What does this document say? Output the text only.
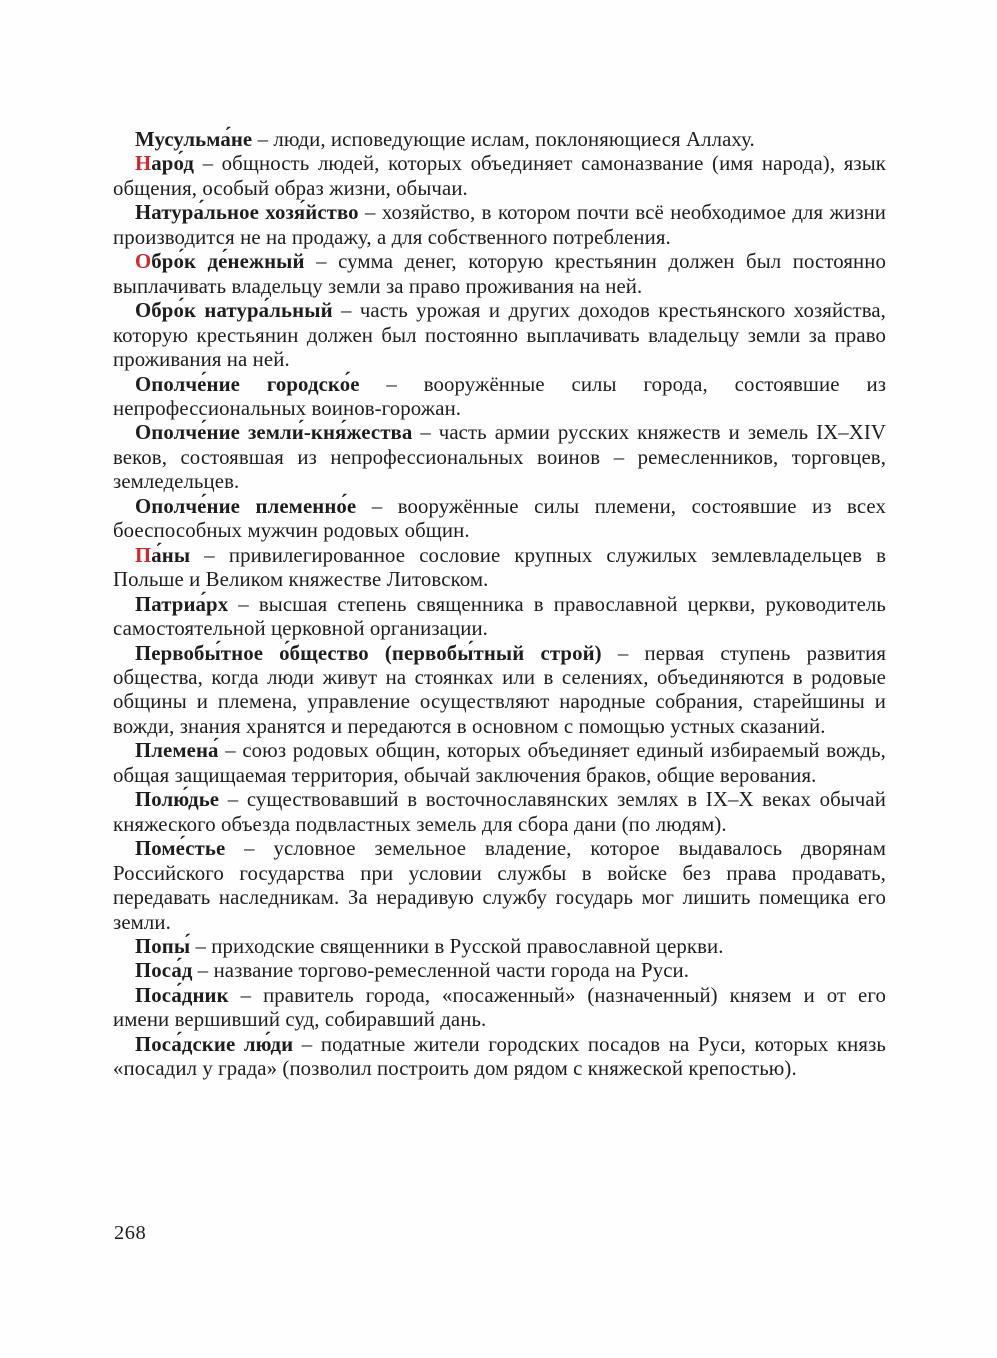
Мусульма́не – люди, исповедующие ислам, поклоняющиеся Аллаху.

Наро́д – общность людей, которых объединяет самоназвание (имя народа), язык общения, особый образ жизни, обычаи.

Натура́льное хозя́йство – хозяйство, в котором почти всё необходимое для жизни производится не на продажу, а для собственного потребления.

Обро́к де́нежный – сумма денег, которую крестьянин должен был постоянно выплачивать владельцу земли за право проживания на ней.

Обро́к натура́льный – часть урожая и других доходов крестьянского хозяйства, которую крестьянин должен был постоянно выплачивать владельцу земли за право проживания на ней.

Ополче́ние городско́е – вооружённые силы города, состоявшие из непрофессиональных воинов-горожан.

Ополче́ние земли́-кня́жества – часть армии русских княжеств и земель IX–XIV веков, состоявшая из непрофессиональных воинов – ремесленников, торговцев, земледельцев.

Ополче́ние племенно́е – вооружённые силы племени, состоявшие из всех боеспособных мужчин родовых общин.

Па́ны – привилегированное сословие крупных служилых землевладельцев в Польше и Великом княжестве Литовском.

Патриа́рх – высшая степень священника в православной церкви, руководитель самостоятельной церковной организации.

Первобы́тное о́бщество (первобы́тный строй) – первая ступень развития общества, когда люди живут на стоянках или в селениях, объединяются в родовые общины и племена, управление осуществляют народные собрания, старейшины и вожди, знания хранятся и передаются в основном с помощью устных сказаний.

Племена́ – союз родовых общин, которых объединяет единый избираемый вождь, общая защищаемая территория, обычай заключения браков, общие верования.

Полю́дье – существовавший в восточнославянских землях в IX–X веках обычай княжеского объезда подвластных земель для сбора дани (по людям).

Поме́стье – условное земельное владение, которое выдавалось дворянам Российского государства при условии службы в войске без права продавать, передавать наследникам. За нерадивую службу государь мог лишить помещика его земли.

Попы́ – приходские священники в Русской православной церкви.

Поса́д – название торгово-ремесленной части города на Руси.

Поса́дник – правитель города, «посаженный» (назначенный) князем и от его имени вершивший суд, собиравший дань.

Поса́дские лю́ди – податные жители городских посадов на Руси, которых князь «посадил у града» (позволил построить дом рядом с княжеской крепостью).

268
